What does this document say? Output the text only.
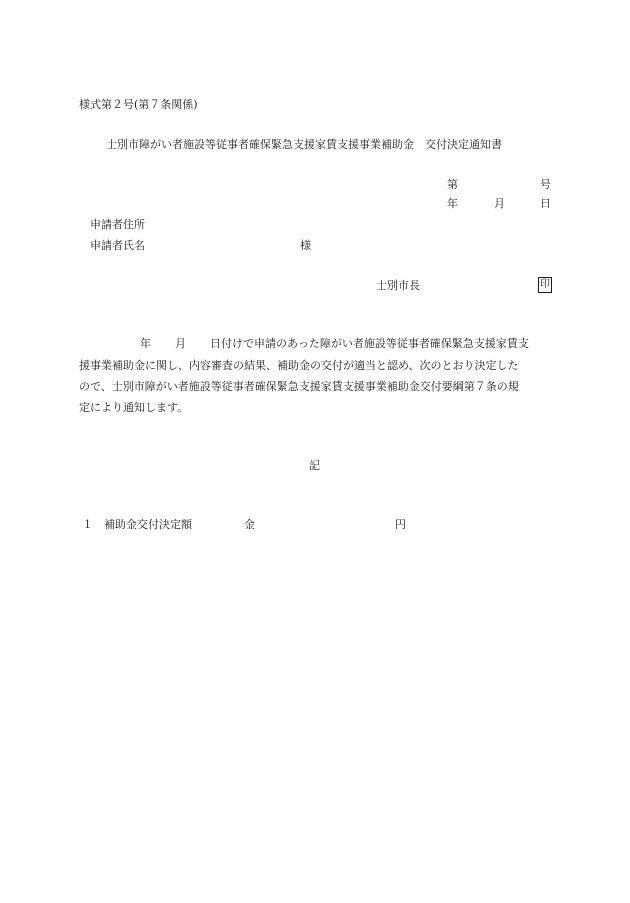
様式第２号(第７条関係)
士別市障がい者施設等従事者確保緊急支援家賃支援事業補助金　交付決定通知書
第	号
年	月	日
申請者住所
申請者氏名	様
士別市長	印
年 月 日付けで申請のあった障がい者施設等従事者確保緊急支援家賃支
援事業補助金に関し、内容審査の結果、補助金の交付が適当と認め、次のとおり決定した
ので、士別市障がい者施設等従事者確保緊急支援家賃支援事業補助金交付要綱第７条の規
定により通知します。
記
１ 補助金交付決定額	金	円
